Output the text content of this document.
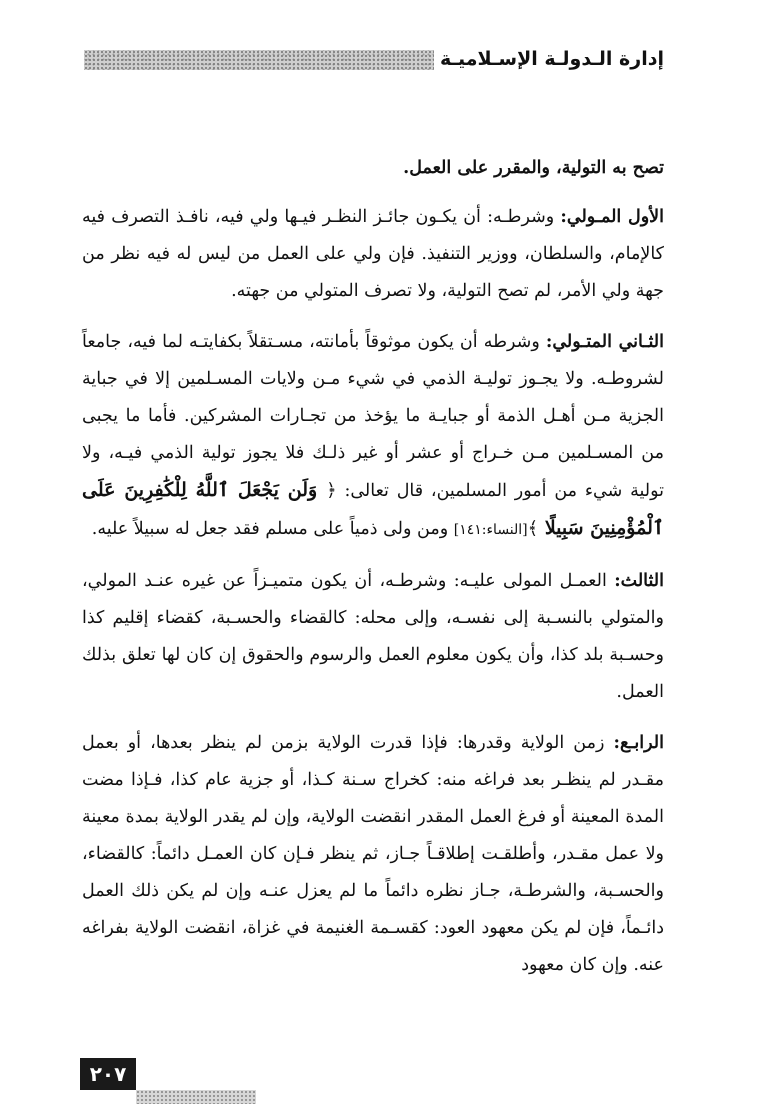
إدارة الـدولـة الإسـلاميـة

تصح به التولية، والمقرر على العمل.

الأول المـولي: وشرطـه: أن يكـون جائـز النظـر فيـها ولي فيه، نافـذ التصرف فيه كالإمام، والسلطان، ووزير التنفيذ. فإن ولي على العمل من ليس له فيه نظر من جهة ولي الأمر، لم تصح التولية، ولا تصرف المتولي من جهته.

الثـاني المتـولي: وشرطه أن يكون موثوقاً بأمانته، مسـتقلاً بكفايتـه لما فيه، جامعاً لشروطـه. ولا يجـوز توليـة الذمي في شيء مـن ولايات المسـلمين إلا في جباية الجزية مـن أهـل الذمة أو جبايـة ما يؤخذ من تجـارات المشركين. فأما ما يجبى من المسـلمين مـن خـراج أو عشر أو غير ذلـك فلا يجوز تولية الذمي فيـه، ولا تولية شيء من أمور المسلمين، قال تعالى: ﴿ وَلَن يَجْعَلَ ٱللَّهُ لِلْكَٰفِرِينَ عَلَى ٱلْمُؤْمِنِينَ سَبِيلًا ﴾[النساء:١٤١] ومن ولى ذمياً على مسلم فقد جعل له سبيلاً عليه.

الثالث: العمـل المولى عليـه: وشرطـه، أن يكون متميـزاً عن غيره عنـد المولي، والمتولي بالنسـبة إلى نفسـه، وإلى محله: كالقضاء والحسـبة، كقضاء إقليم كذا وحسـبة بلد كذا، وأن يكون معلوم العمل والرسوم والحقوق إن كان لها تعلق بذلك العمل.

الرابـع: زمن الولاية وقدرها: فإذا قدرت الولاية بزمن لم ينظر بعدها، أو بعمل مقـدر لم ينظـر بعد فراغه منه: كخراج سـنة كـذا، أو جزية عام كذا، فـإذا مضت المدة المعينة أو فرغ العمل المقدر انقضت الولاية، وإن لم يقدر الولاية بمدة معينة ولا عمل مقـدر، وأطلقـت إطلاقـاً جـاز، ثم ينظر فـإن كان العمـل دائماً: كالقضاء، والحسـبة، والشرطـة، جـاز نظره دائماً ما لم يعزل عنـه وإن لم يكن ذلك العمل دائـماً، فإن لم يكن معهود العود: كقسـمة الغنيمة في غزاة، انقضت الولاية بفراغه عنه. وإن كان معهود

٢٠٧
